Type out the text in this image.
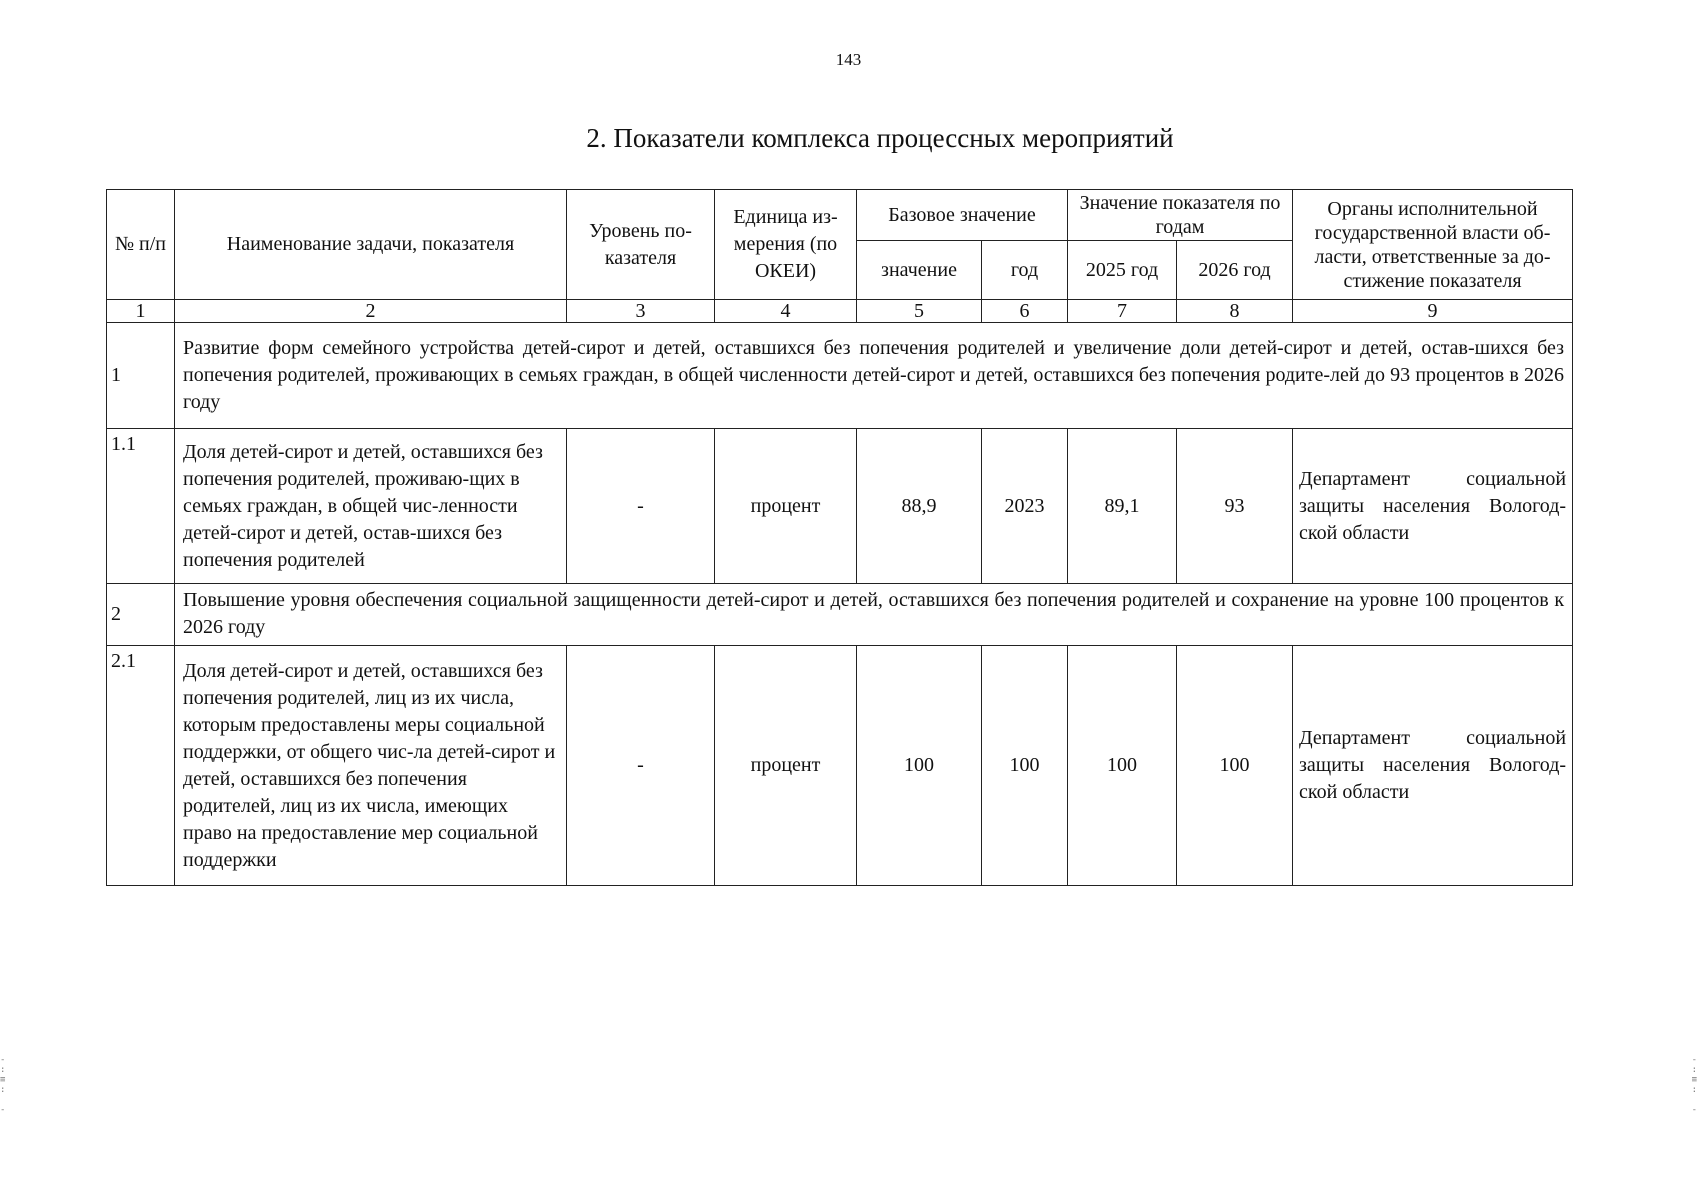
143
2. Показатели комплекса процессных мероприятий
№ п/п	Наименование задачи, показателя	Уровень по-казателя	Единица из-мерения (по ОКЕИ)	Базовое значение		Значение показателя по годам		Органы исполнительной государственной власти об-ласти, ответственные за до-стижение показателя
				значение	год	2025 год	2026 год	
1	2	3	4	5	6	7	8	9
1	Развитие форм семейного устройства детей-сирот и детей, оставшихся без попечения родителей и увеличение доли детей-сирот и детей, остав-шихся без попечения родителей, проживающих в семьях граждан, в общей численности детей-сирот и детей, оставшихся без попечения родите-лей до 93 процентов в 2026 году							
1.1	Доля детей-сирот и детей, оставшихся без попечения родителей, проживаю-щих в семьях граждан, в общей чис-ленности детей-сирот и детей, остав-шихся без попечения родителей	-	процент	88,9	2023	89,1	93	Департамент социальной защиты населения Вологод-ской области
2	Повышение уровня обеспечения социальной защищенности детей-сирот и детей, оставшихся без попечения родителей и сохранение на уровне 100 процентов к 2026 году							
2.1	Доля детей-сирот и детей, оставшихся без попечения родителей, лиц из их числа, которым предоставлены меры социальной поддержки, от общего чис-ла детей-сирот и детей, оставшихся без попечения родителей, лиц из их числа, имеющих право на предоставление мер социальной поддержки	-	процент	100	100	100	100	Департамент социальной защиты населения Вологод-ской области
-
:
≡
:

-
-
:
≡
:

-
